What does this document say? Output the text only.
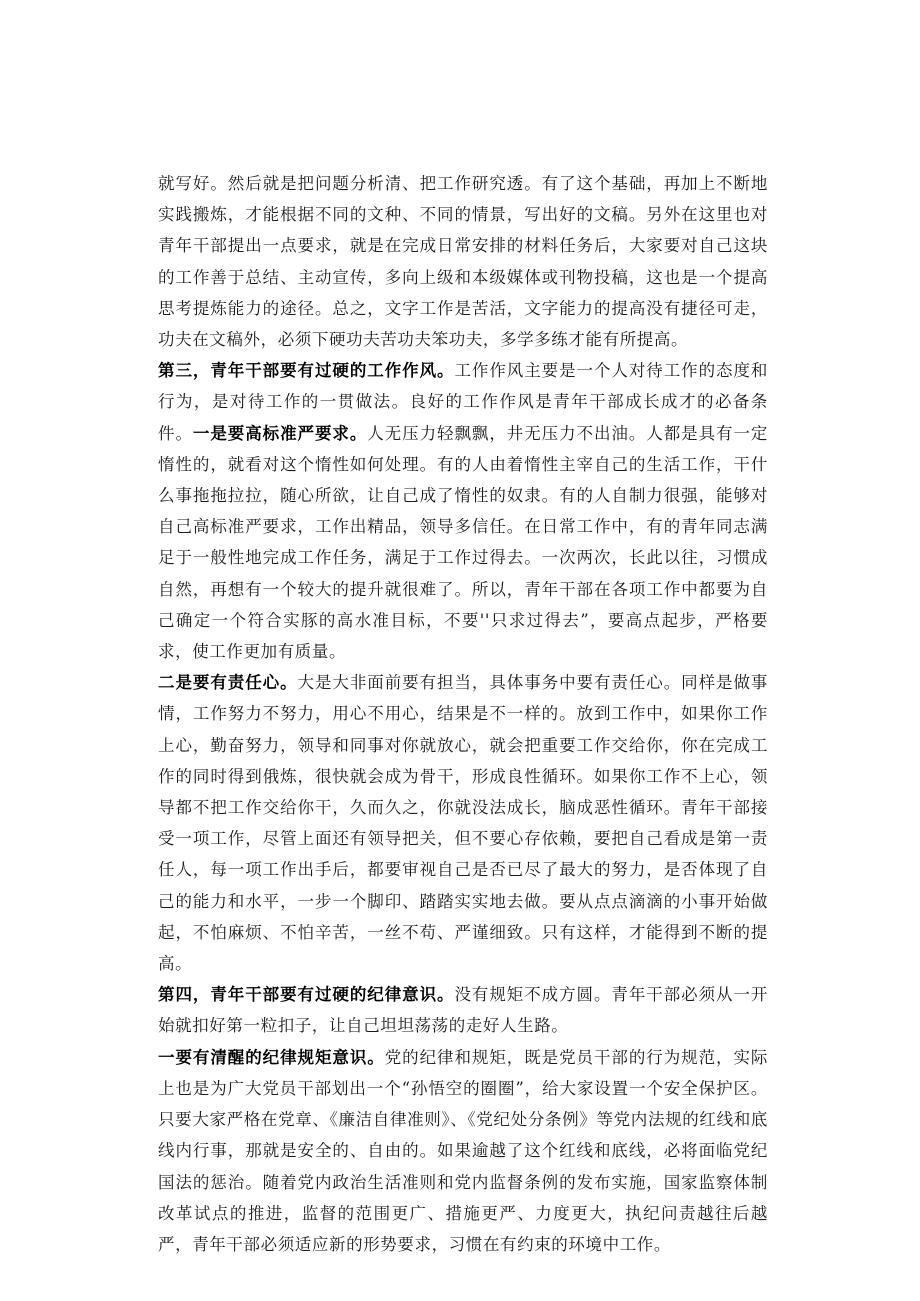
就写好。然后就是把问题分析清、把工作研究透。有了这个基础，再加上不断地实践搬炼，才能根据不同的文种、不同的情景，写出好的文稿。另外在这里也对青年干部提出一点要求，就是在完成日常安排的材料任务后，大家要对自己这块的工作善于总结、主动宣传，多向上级和本级媒体或刊物投稿，这也是一个提高思考提炼能力的途径。总之，文字工作是苦活，文字能力的提高没有捷径可走，功夫在文稿外，必须下硬功夫苦功夫笨功夫，多学多练才能有所提高。

第三，青年干部要有过硬的工作作风。工作作风主要是一个人对待工作的态度和行为，是对待工作的一贯做法。良好的工作作风是青年干部成长成才的必备条件。一是要高标准严要求。人无压力轻飘飘，井无压力不出油。人都是具有一定惰性的，就看对这个惰性如何处理。有的人由着惰性主宰自己的生活工作，干什么事拖拖拉拉，随心所欲，让自己成了惰性的奴隶。有的人自制力很强，能够对自己高标准严要求，工作出精品，领导多信任。在日常工作中，有的青年同志满足于一般性地完成工作任务，满足于工作过得去。一次两次，长此以往，习惯成自然，再想有一个较大的提升就很难了。所以，青年干部在各项工作中都要为自己确定一个符合实豚的高水准目标，不要''只求过得去”，要高点起步，严格要求，使工作更加有质量。

二是要有责任心。大是大非面前要有担当，具体事务中要有责任心。同样是做事情，工作努力不努力，用心不用心，结果是不一样的。放到工作中，如果你工作上心，勤奋努力，领导和同事对你就放心，就会把重要工作交给你，你在完成工作的同时得到俄炼，很快就会成为骨干，形成良性循环。如果你工作不上心，领导都不把工作交给你干，久而久之，你就没法成长，脑成恶性循环。青年干部接受一项工作，尽管上面还有领导把关，但不要心存依赖，要把自己看成是第一责任人，每一项工作出手后，都要审视自己是否已尽了最大的努力，是否体现了自己的能力和水平，一步一个脚印、踏踏实实地去做。要从点点滴滴的小事开始做起，不怕麻烦、不怕辛苦，一丝不苟、严谨细致。只有这样，才能得到不断的提高。

第四，青年干部要有过硬的纪律意识。没有规矩不成方圆。青年干部必须从一开始就扣好第一粒扣子，让自己坦坦荡荡的走好人生路。

一要有清醒的纪律规矩意识。党的纪律和规矩，既是党员干部的行为规范，实际上也是为广大党员干部划出一个“孙悟空的圈圈”，给大家设置一个安全保护区。只要大家严格在党章、《廉洁自律准则》、《党纪处分条例》等党内法规的红线和底线内行事，那就是安全的、自由的。如果逾越了这个红线和底线，必将面临党纪国法的惩治。随着党内政治生活准则和党内监督条例的发布实施，国家监察体制改革试点的推进，监督的范围更广、措施更严、力度更大，执纪问责越往后越严，青年干部必须适应新的形势要求，习惯在有约束的环境中工作。
